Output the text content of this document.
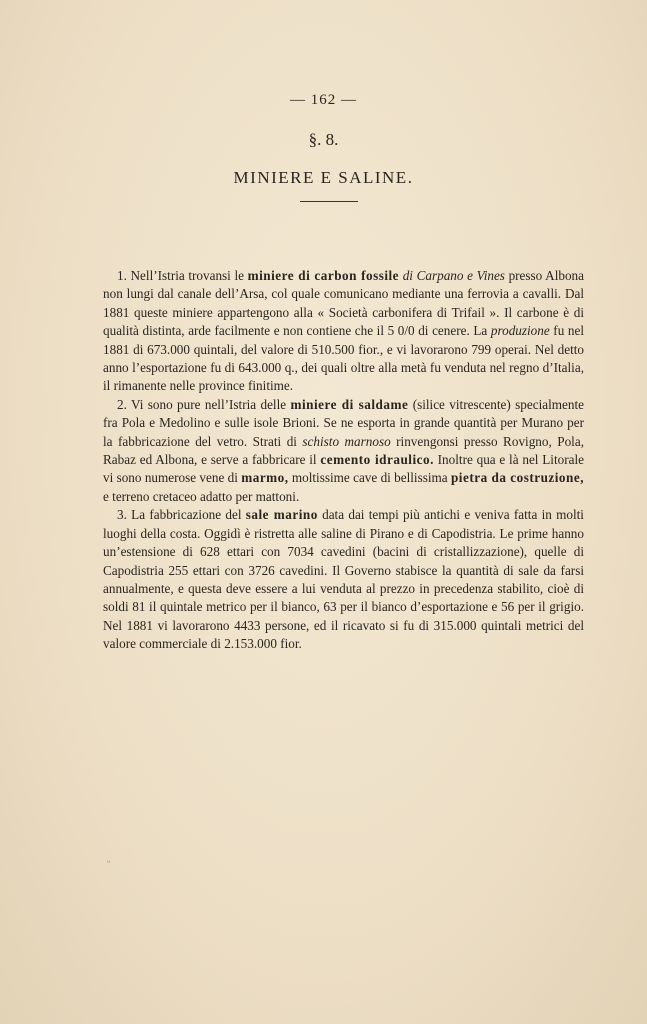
— 162 —
§. 8.
MINIERE E SALINE.

1. Nell’Istria trovansi le miniere di carbon fossile di Carpano e Vines presso Albona non lungi dal canale dell’Arsa, col quale comunicano mediante una ferrovia a cavalli. Dal 1881 queste miniere appartengono alla « Società carbonifera di Trifail ». Il carbone è di qualità distinta, arde facilmente e non contiene che il 5 0/0 di cenere. La produzione fu nel 1881 di 673.000 quintali, del valore di 510.500 fior., e vi lavorarono 799 operai. Nel detto anno l’esportazione fu di 643.000 q., dei quali oltre alla metà fu venduta nel regno d’Italia, il rimanente nelle province finitime.

2. Vi sono pure nell’Istria delle miniere di saldame (silice vitrescente) specialmente fra Pola e Medolino e sulle isole Brioni. Se ne esporta in grande quantità per Murano per la fabbricazione del vetro. Strati di schisto marnoso rinvengonsi presso Rovigno, Pola, Rabaz ed Albona, e serve a fabbricare il cemento idraulico. Inoltre qua e là nel Litorale vi sono numerose vene di marmo, moltissime cave di bellissima pietra da costruzione, e terreno cretaceo adatto per mattoni.

3. La fabbricazione del sale marino data dai tempi più antichi e veniva fatta in molti luoghi della costa. Oggidì è ristretta alle saline di Pirano e di Capodistria. Le prime hanno un’estensione di 628 ettari con 7034 cavedini (bacini di cristallizzazione), quelle di Capodistria 255 ettari con 3726 cavedini. Il Governo stabisce la quantità di sale da farsi annualmente, e questa deve essere a lui venduta al prezzo in precedenza stabilito, cioè di soldi 81 il quintale metrico per il bianco, 63 per il bianco d’esportazione e 56 per il grigio. Nel 1881 vi lavorarono 4433 persone, ed il ricavato si fu di 315.000 quintali metrici del valore commerciale di 2.153.000 fior.

ᵕ
